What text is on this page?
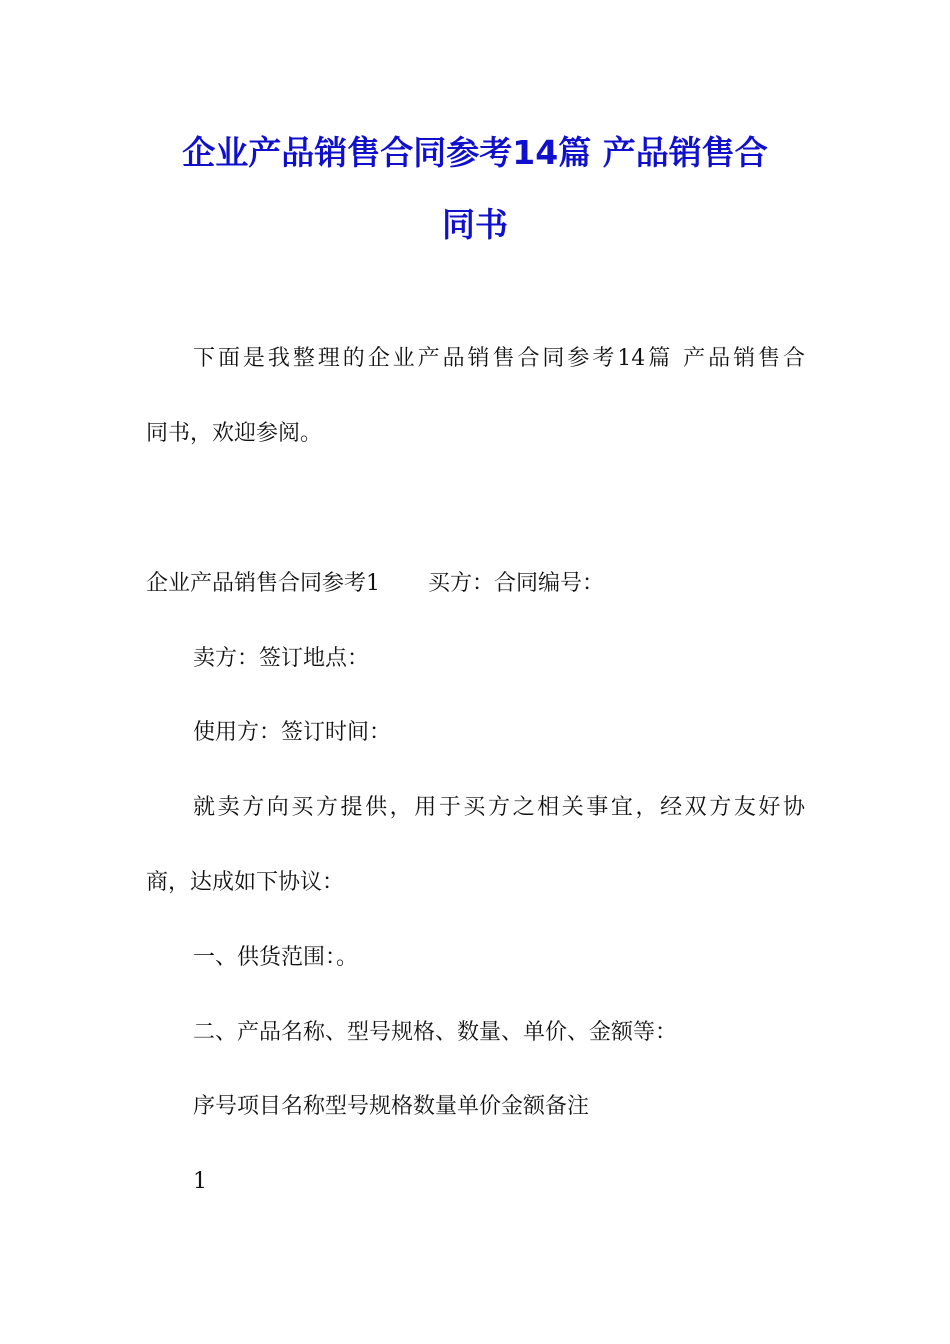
企业产品销售合同参考14篇 产品销售合
同书
下面是我整理的企业产品销售合同参考14篇 产品销售合
同书，欢迎参阅。
企业产品销售合同参考1 买方：合同编号：
卖方：签订地点：
使用方：签订时间：
就卖方向买方提供，用于买方之相关事宜，经双方友好协
商，达成如下协议：
一、供货范围：。
二、产品名称、型号规格、数量、单价、金额等：
序号项目名称型号规格数量单价金额备注
1
